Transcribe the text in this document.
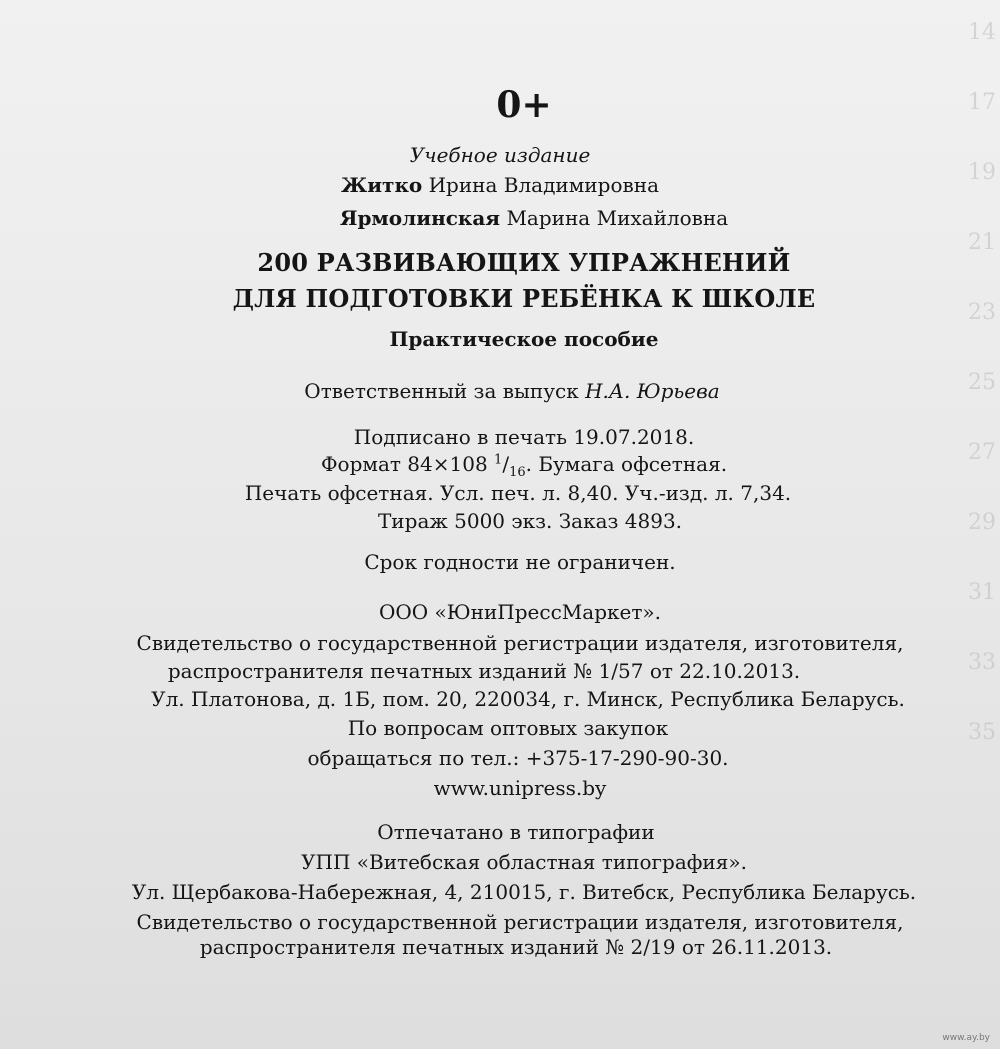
14
17
19
21
23
25
27
29
31
33
35
0+
Учебное издание
Житко Ирина Владимировна
Ярмолинская Марина Михайловна
200 РАЗВИВАЮЩИХ УПРАЖНЕНИЙ
ДЛЯ ПОДГОТОВКИ РЕБЁНКА К ШКОЛЕ
Практическое пособие
Ответственный за выпуск Н.А. Юрьева
Подписано в печать 19.07.2018.
Формат 84×108 $^1/_{16}$. Бумага офсетная.
Печать офсетная. Усл. печ. л. 8,40. Уч.-изд. л. 7,34.
Тираж 5000 экз. Заказ 4893.
Срок годности не ограничен.
ООО «ЮниПрессМаркет».
Свидетельство о государственной регистрации издателя, изготовителя,
распространителя печатных изданий № 1/57 от 22.10.2013.
Ул. Платонова, д. 1Б, пом. 20, 220034, г. Минск, Республика Беларусь.
По вопросам оптовых закупок
обращаться по тел.: +375-17-290-90-30.
www.unipress.by
Отпечатано в типографии
УПП «Витебская областная типография».
Ул. Щербакова-Набережная, 4, 210015, г. Витебск, Республика Беларусь.
Свидетельство о государственной регистрации издателя, изготовителя,
распространителя печатных изданий № 2/19 от 26.11.2013.
www.ay.by
